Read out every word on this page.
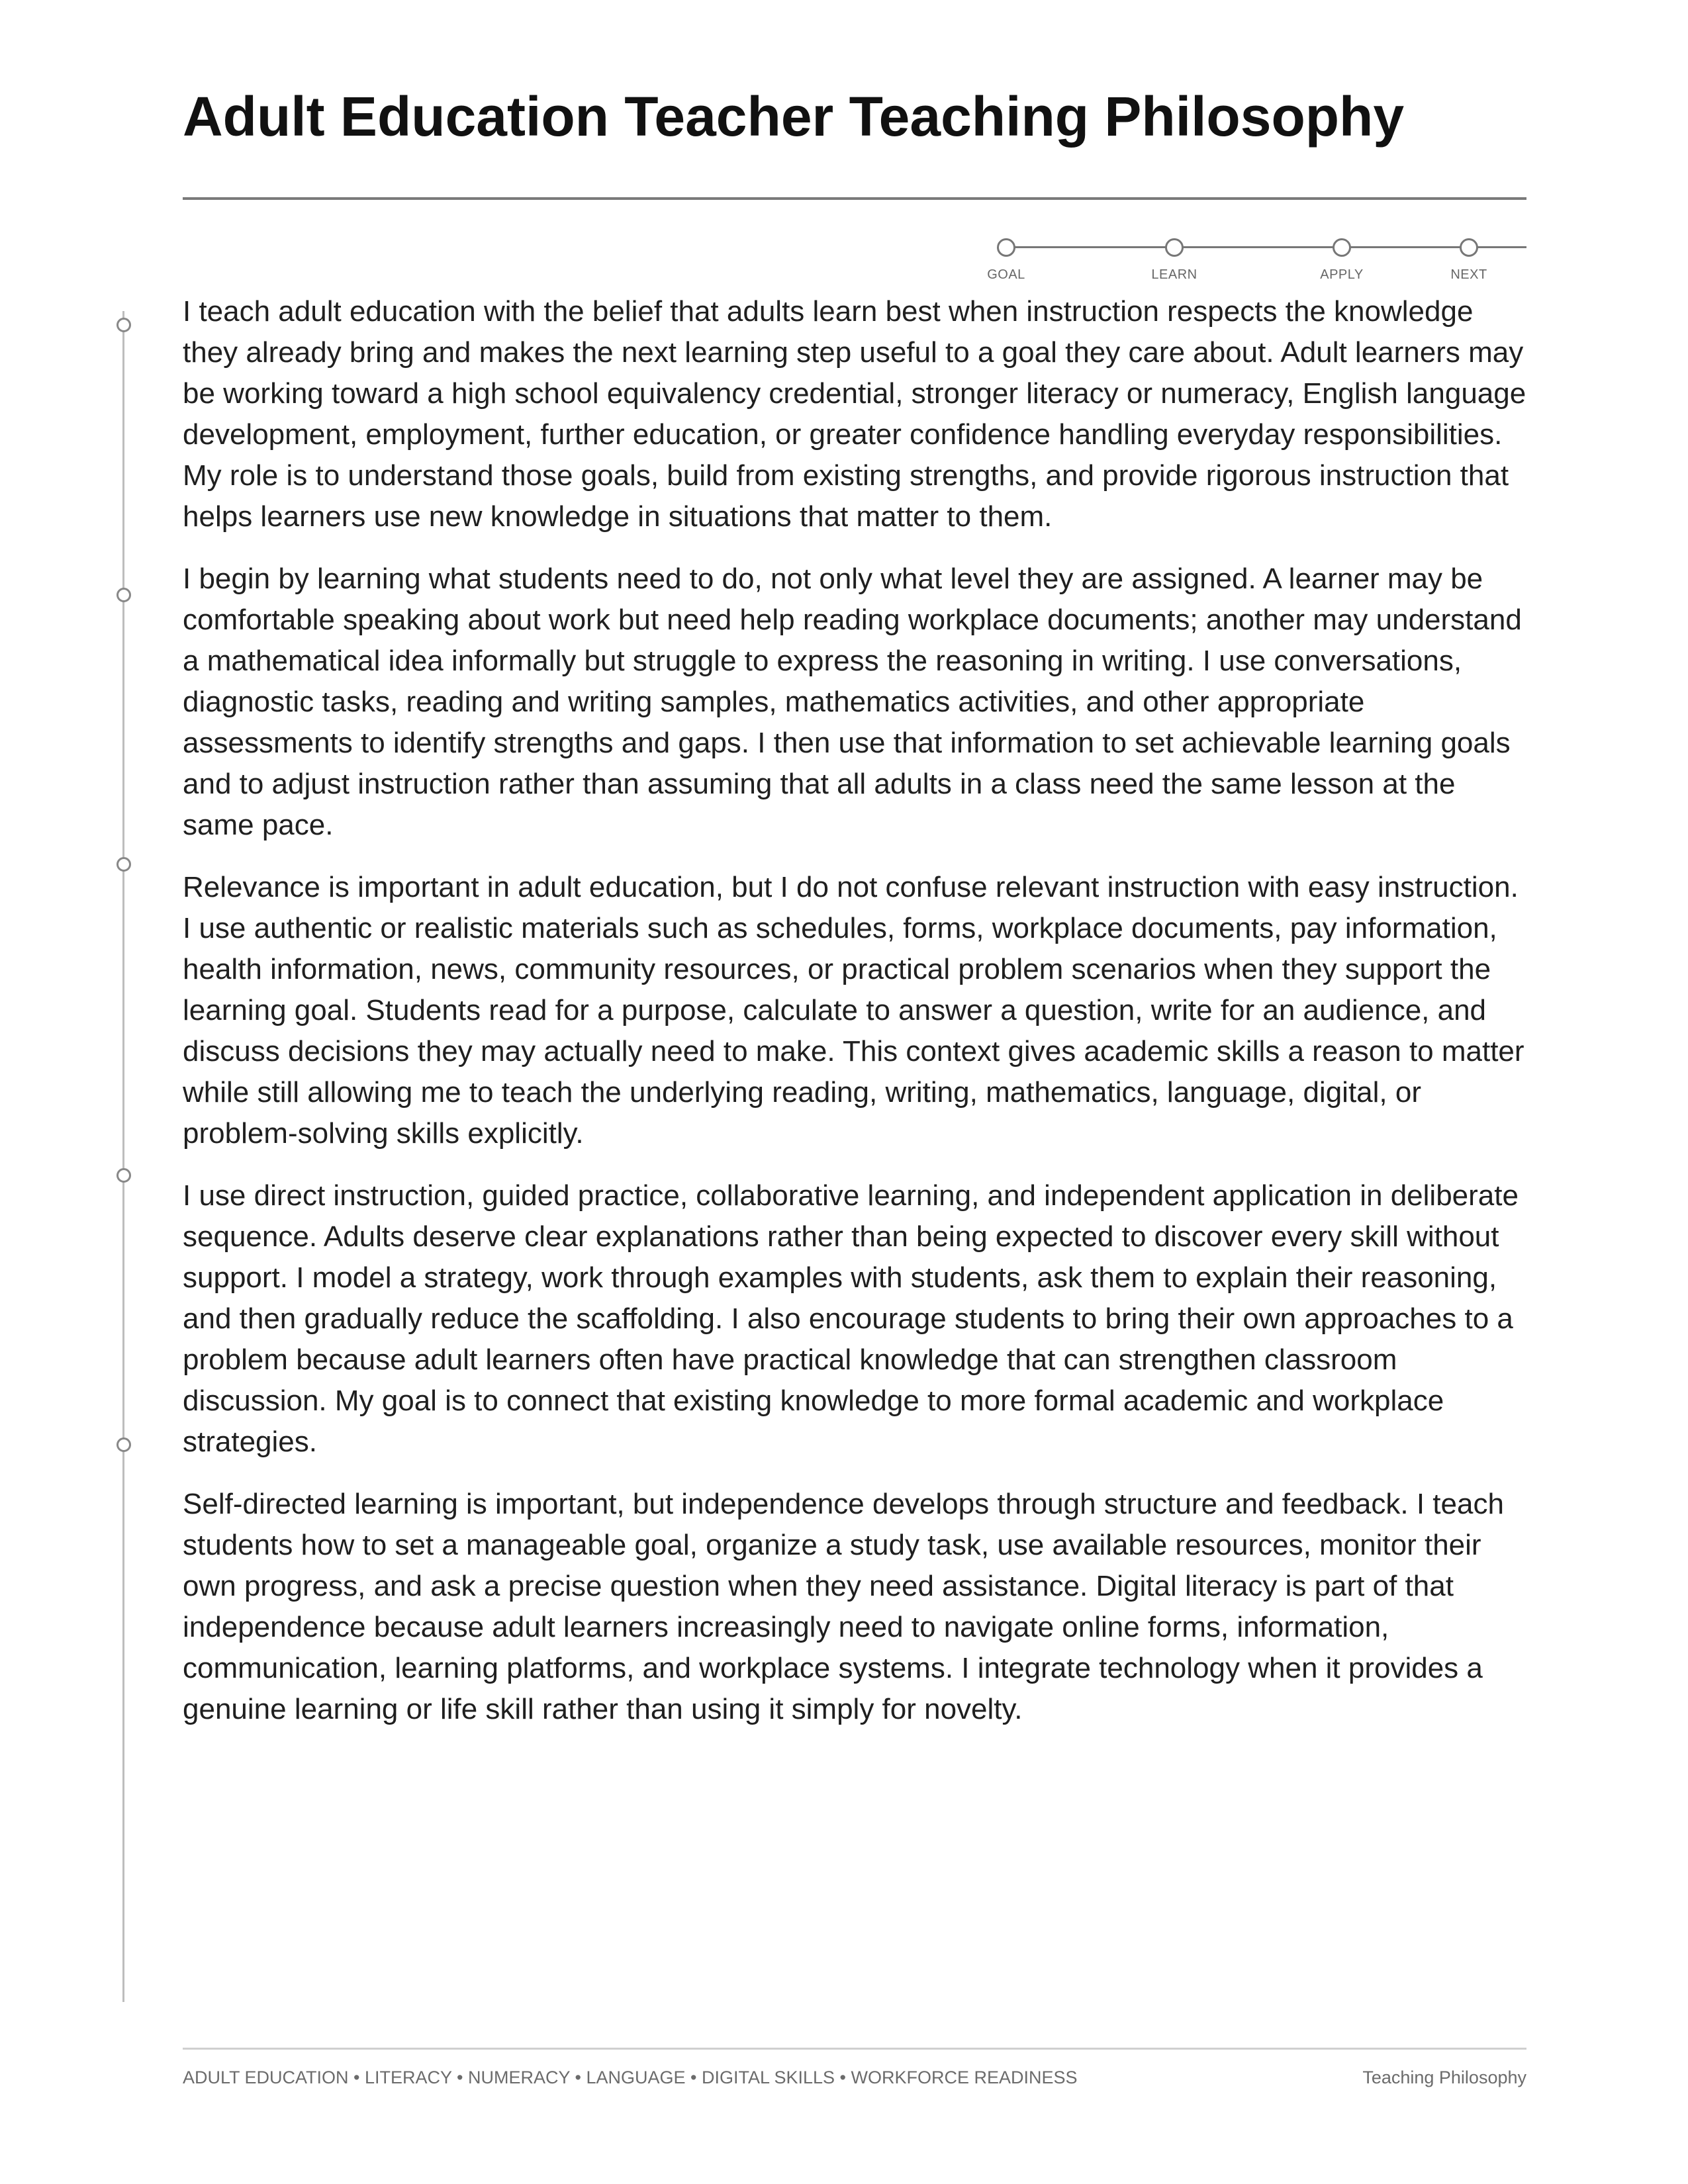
Adult Education Teacher Teaching Philosophy
GOAL	LEARN	APPLY	NEXT

I teach adult education with the belief that adults learn best when instruction respects the knowledge they already bring and makes the next learning step useful to a goal they care about. Adult learners may be working toward a high school equivalency credential, stronger literacy or numeracy, English language development, employment, further education, or greater confidence handling everyday responsibilities. My role is to understand those goals, build from existing strengths, and provide rigorous instruction that helps learners use new knowledge in situations that matter to them.

I begin by learning what students need to do, not only what level they are assigned. A learner may be comfortable speaking about work but need help reading workplace documents; another may understand a mathematical idea informally but struggle to express the reasoning in writing. I use conversations, diagnostic tasks, reading and writing samples, mathematics activities, and other appropriate assessments to identify strengths and gaps. I then use that information to set achievable learning goals and to adjust instruction rather than assuming that all adults in a class need the same lesson at the same pace.

Relevance is important in adult education, but I do not confuse relevant instruction with easy instruction. I use authentic or realistic materials such as schedules, forms, workplace documents, pay information, health information, news, community resources, or practical problem scenarios when they support the learning goal. Students read for a purpose, calculate to answer a question, write for an audience, and discuss decisions they may actually need to make. This context gives academic skills a reason to matter while still allowing me to teach the underlying reading, writing, mathematics, language, digital, or problem-solving skills explicitly.

I use direct instruction, guided practice, collaborative learning, and independent application in deliberate sequence. Adults deserve clear explanations rather than being expected to discover every skill without support. I model a strategy, work through examples with students, ask them to explain their reasoning, and then gradually reduce the scaffolding. I also encourage students to bring their own approaches to a problem because adult learners often have practical knowledge that can strengthen classroom discussion. My goal is to connect that existing knowledge to more formal academic and workplace strategies.

Self-directed learning is important, but independence develops through structure and feedback. I teach students how to set a manageable goal, organize a study task, use available resources, monitor their own progress, and ask a precise question when they need assistance. Digital literacy is part of that independence because adult learners increasingly need to navigate online forms, information, communication, learning platforms, and workplace systems. I integrate technology when it provides a genuine learning or life skill rather than using it simply for novelty.

ADULT EDUCATION • LITERACY • NUMERACY • LANGUAGE • DIGITAL SKILLS • WORKFORCE READINESS	Teaching Philosophy
